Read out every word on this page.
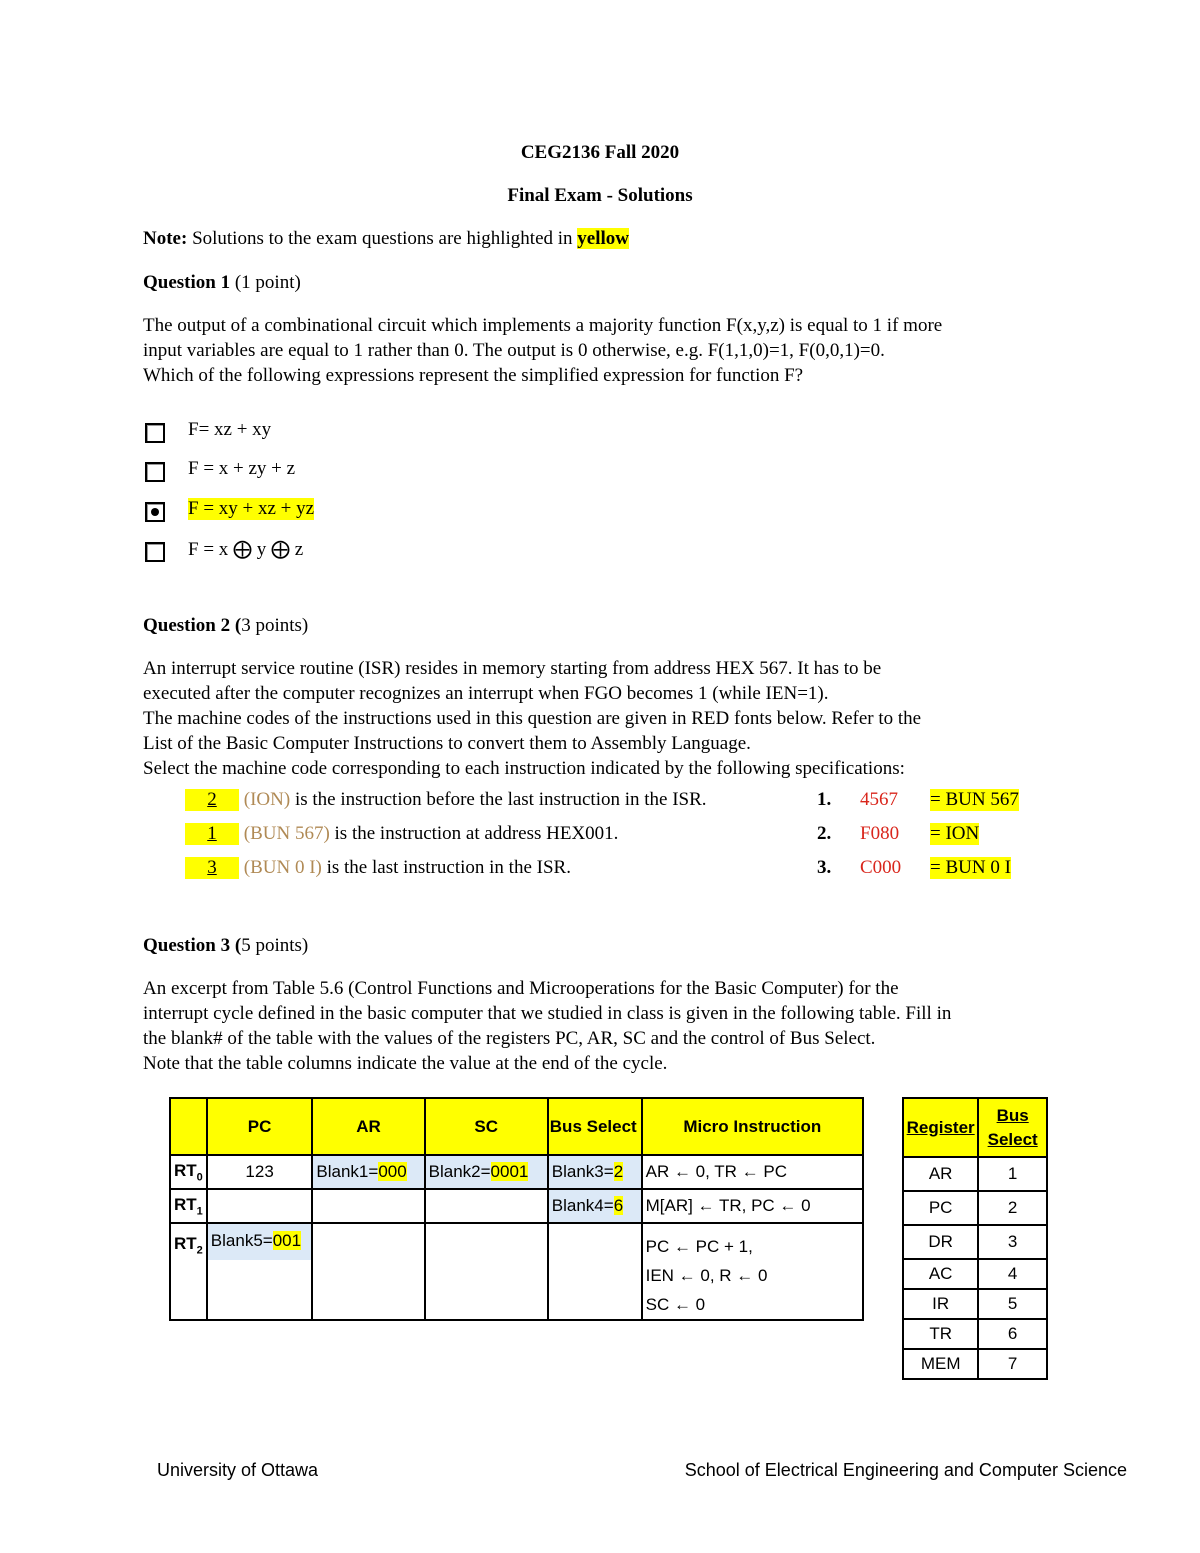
CEG2136 Fall 2020
Final Exam - Solutions
Note: Solutions to the exam questions are highlighted in yellow
Question 1 (1 point)
The output of a combinational circuit which implements a majority function F(x,y,z) is equal to 1 if more
input variables are equal to 1 rather than 0. The output is 0 otherwise, e.g. F(1,1,0)=1, F(0,0,1)=0.
Which of the following expressions represent the simplified expression for function F?
F= xz + xy
F = x + zy + z
F = xy + xz + yz
F = x ⨁ y ⨁ z
Question 2 (3 points)
An interrupt service routine (ISR) resides in memory starting from address HEX 567. It has to be
executed after the computer recognizes an interrupt when FGO becomes 1 (while IEN=1).
The machine codes of the instructions used in this question are given in RED fonts below. Refer to the
List of the Basic Computer Instructions to convert them to Assembly Language.
Select the machine code corresponding to each instruction indicated by the following specifications:
2 (ION) is the instruction before the last instruction in the ISR.	1. 4567 = BUN 567
1 (BUN 567) is the instruction at address HEX001.	2. F080 = ION
3 (BUN 0 I) is the last instruction in the ISR.	3. C000 = BUN 0 I
Question 3 (5 points)
An excerpt from Table 5.6 (Control Functions and Microoperations for the Basic Computer) for the
interrupt cycle defined in the basic computer that we studied in class is given in the following table. Fill in
the blank# of the table with the values of the registers PC, AR, SC and the control of Bus Select.
Note that the table columns indicate the value at the end of the cycle.
	PC	AR	SC	Bus Select	Micro Instruction
$RT_0$	123	Blank1=000	Blank2=0001	Blank3=2	AR ← 0, TR ← PC
$RT_1$				Blank4=6	M[AR] ← TR, PC ← 0
$RT_2$	Blank5=001				PC ← PC + 1,
IEN ← 0, R ← 0
SC ← 0
Register	Bus Select
AR	1
PC	2
DR	3
AC	4
IR	5
TR	6
MEM	7
University of Ottawa	School of Electrical Engineering and Computer Science
